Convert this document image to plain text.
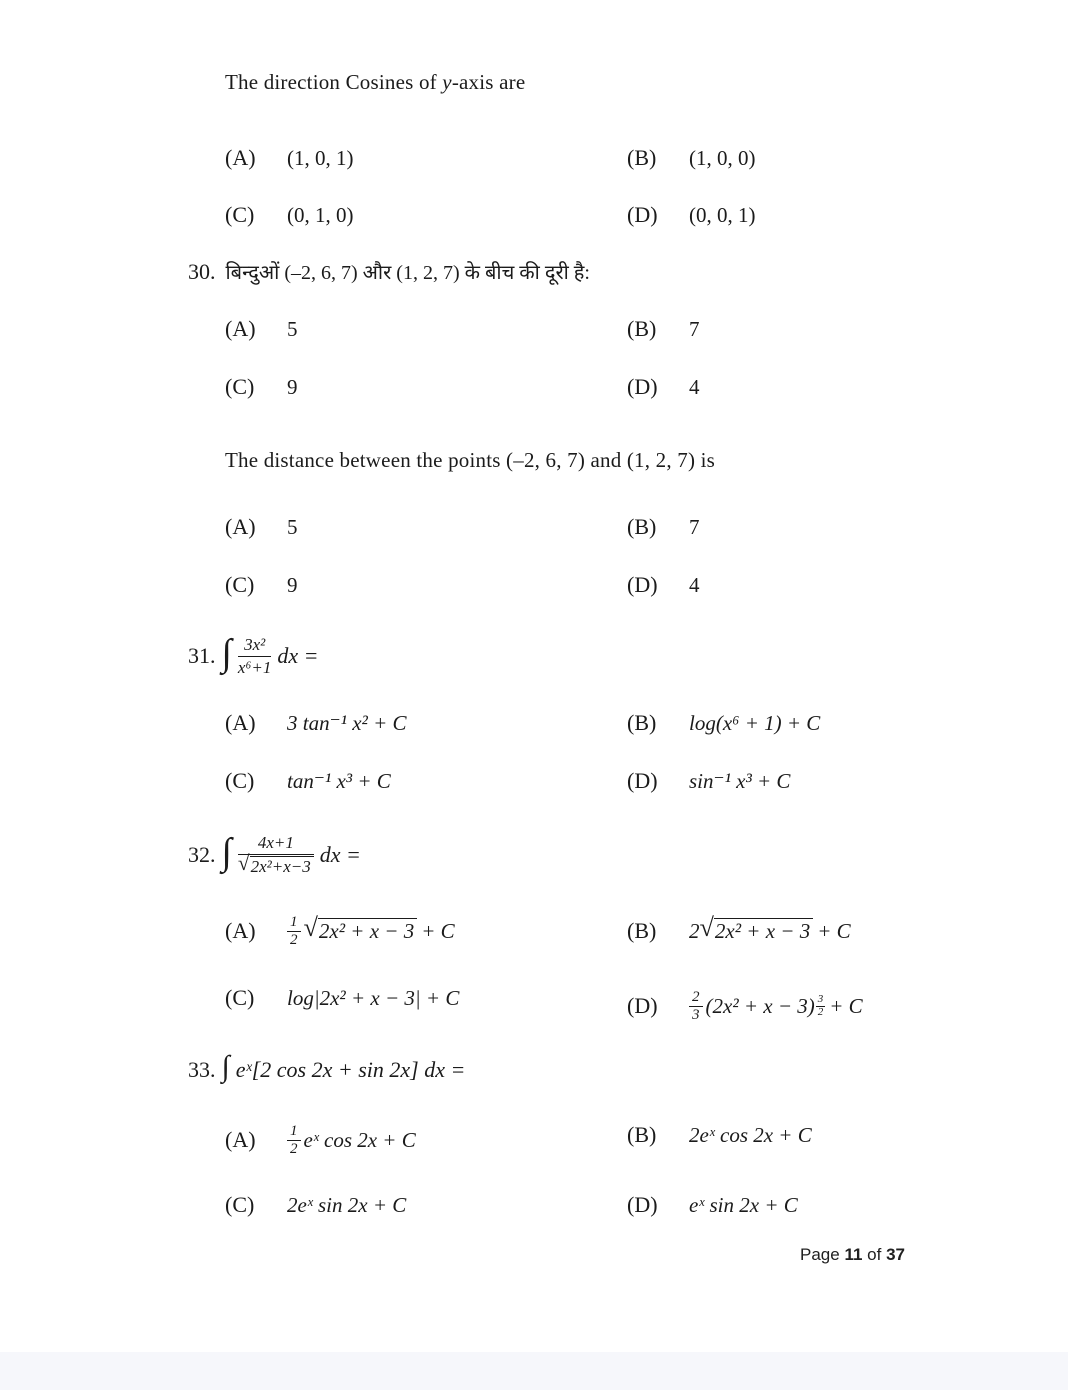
The direction Cosines of y-axis are
(A) (1, 0, 1)	(B) (1, 0, 0)
(C) (0, 1, 0)	(D) (0, 0, 1)
30. बिन्दुओं (–2, 6, 7) और (1, 2, 7) के बीच की दूरी है:
(A) 5	(B) 7
(C) 9	(D) 4
The distance between the points (–2, 6, 7) and (1, 2, 7) is
(A) 5	(B) 7
(C) 9	(D) 4
31. ∫ $\frac{\text{3x²}}{\text{x⁶+1}}$ dx =
(A) 3 tan⁻¹ x² + C	(B) log(x⁶ + 1) + C
(C) tan⁻¹ x³ + C	(D) sin⁻¹ x³ + C
32. ∫ $\frac{4x+1}{\text{√ 2x²+x−3}}$ dx =
(A)	$\frac{1}{2}$ √ 2x² + x − 3 + C	(B)	2 √ 2x² + x − 3 + C
(C) log|2x² + x − 3| + C	(D)	$\frac{2}{3} (2x^2 + x - 3) \frac{3}{2} + C$
33. ∫ eˣ[2 cos 2x + sin 2x] dx =
(A)	$\frac{1}{2}$ eˣ cos 2x + C	(B) 2eˣ cos 2x + C
(C) 2eˣ sin 2x + C	(D) eˣ sin 2x + C
Page 11 of 37
